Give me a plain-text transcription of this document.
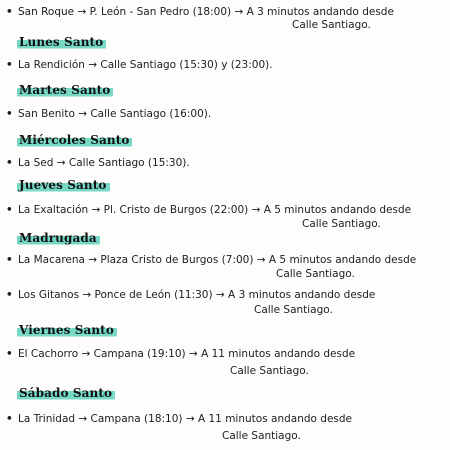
• San Roque → P. León - San Pedro (18:00) → A 3 minutos andando desde
Calle Santiago.
Lunes Santo
• La Rendición → Calle Santiago (15:30) y (23:00).
Martes Santo
• San Benito → Calle Santiago (16:00).
Miércoles Santo
• La Sed → Calle Santiago (15:30).
Jueves Santo
• La Exaltación → Pl. Cristo de Burgos (22:00) → A 5 minutos andando desde
Calle Santiago.
Madrugada
• La Macarena → Plaza Cristo de Burgos (7:00) → A 5 minutos andando desde
Calle Santiago.
• Los Gitanos → Ponce de León (11:30) → A 3 minutos andando desde
Calle Santiago.
Viernes Santo
• El Cachorro → Campana (19:10) → A 11 minutos andando desde
Calle Santiago.
Sábado Santo
• La Trinidad → Campana (18:10) → A 11 minutos andando desde
Calle Santiago.
